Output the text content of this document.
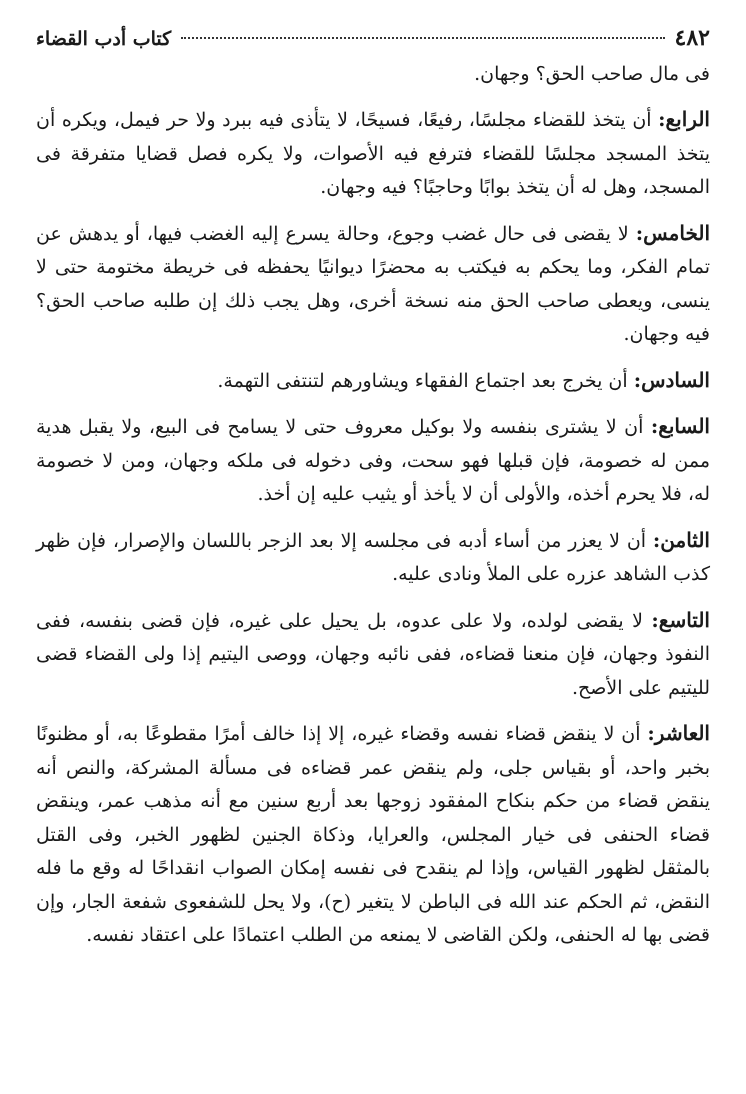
٤٨٢
كتاب أدب القضاء

فى مال صاحب الحق؟ وجهان.

الرابع: أن يتخذ للقضاء مجلسًا، رفيعًا، فسيحًا، لا يتأذى فيه ببرد ولا حر فيمل، ويكره أن يتخذ المسجد مجلسًا للقضاء فترفع فيه الأصوات، ولا يكره فصل قضايا متفرقة فى المسجد، وهل له أن يتخذ بوابًا وحاجبًا؟ فيه وجهان.

الخامس: لا يقضى فى حال غضب وجوع، وحالة يسرع إليه الغضب فيها، أو يدهش عن تمام الفكر، وما يحكم به فيكتب به محضرًا ديوانيًا يحفظه فى خريطة مختومة حتى لا ينسى، ويعطى صاحب الحق منه نسخة أخرى، وهل يجب ذلك إن طلبه صاحب الحق؟ فيه وجهان.

السادس: أن يخرج بعد اجتماع الفقهاء ويشاورهم لتنتفى التهمة.

السابع: أن لا يشترى بنفسه ولا بوكيل معروف حتى لا يسامح فى البيع، ولا يقبل هدية ممن له خصومة، فإن قبلها فهو سحت، وفى دخوله فى ملكه وجهان، ومن لا خصومة له، فلا يحرم أخذه، والأولى أن لا يأخذ أو يثيب عليه إن أخذ.

الثامن: أن لا يعزر من أساء أدبه فى مجلسه إلا بعد الزجر باللسان والإصرار، فإن ظهر كذب الشاهد عزره على الملأ ونادى عليه.

التاسع: لا يقضى لولده، ولا على عدوه، بل يحيل على غيره، فإن قضى بنفسه، ففى النفوذ وجهان، فإن منعنا قضاءه، ففى نائبه وجهان، ووصى اليتيم إذا ولى القضاء قضى لليتيم على الأصح.

العاشر: أن لا ينقض قضاء نفسه وقضاء غيره، إلا إذا خالف أمرًا مقطوعًا به، أو مظنونًا بخبر واحد، أو بقياس جلى، ولم ينقض عمر قضاءه فى مسألة المشركة، والنص أنه ينقض قضاء من حكم بنكاح المفقود زوجها بعد أربع سنين مع أنه مذهب عمر، وينقض قضاء الحنفى فى خيار المجلس، والعرايا، وذكاة الجنين لظهور الخبر، وفى القتل بالمثقل لظهور القياس، وإذا لم ينقدح فى نفسه إمكان الصواب انقداحًا له وقع ما فله النقض، ثم الحكم عند الله فى الباطن لا يتغير (ح)، ولا يحل للشفعوى شفعة الجار، وإن قضى بها له الحنفى، ولكن القاضى لا يمنعه من الطلب اعتمادًا على اعتقاد نفسه.
